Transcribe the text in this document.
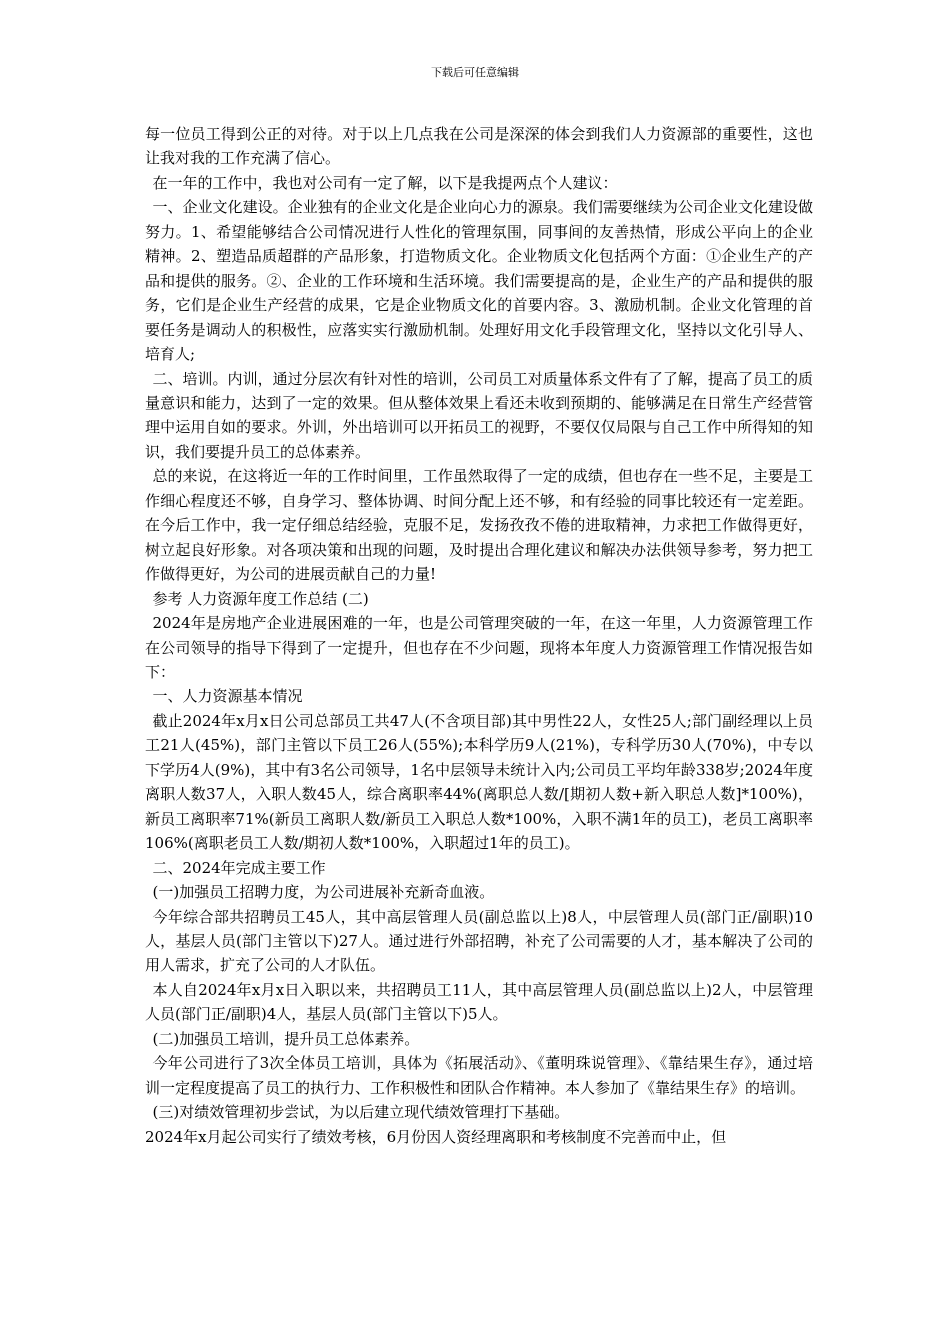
下载后可任意编辑

每一位员工得到公正的对待。对于以上几点我在公司是深深的体会到我们人力资源部的重要性，这也让我对我的工作充满了信心。

在一年的工作中，我也对公司有一定了解，以下是我提两点个人建议：

一、企业文化建设。企业独有的企业文化是企业向心力的源泉。我们需要继续为公司企业文化建设做努力。1、希望能够结合公司情况进行人性化的管理氛围，同事间的友善热情，形成公平向上的企业精神。2、塑造品质超群的产品形象，打造物质文化。企业物质文化包括两个方面：①企业生产的产品和提供的服务。②、企业的工作环境和生活环境。我们需要提高的是，企业生产的产品和提供的服务，它们是企业生产经营的成果，它是企业物质文化的首要内容。3、激励机制。企业文化管理的首要任务是调动人的积极性，应落实实行激励机制。处理好用文化手段管理文化，坚持以文化引导人、培育人;

二、培训。内训，通过分层次有针对性的培训，公司员工对质量体系文件有了了解，提高了员工的质量意识和能力，达到了一定的效果。但从整体效果上看还未收到预期的、能够满足在日常生产经营管理中运用自如的要求。外训，外出培训可以开拓员工的视野，不要仅仅局限与自己工作中所得知的知识，我们要提升员工的总体素养。

总的来说，在这将近一年的工作时间里，工作虽然取得了一定的成绩，但也存在一些不足，主要是工作细心程度还不够，自身学习、整体协调、时间分配上还不够，和有经验的同事比较还有一定差距。在今后工作中，我一定仔细总结经验，克服不足，发扬孜孜不倦的进取精神，力求把工作做得更好，树立起良好形象。对各项决策和出现的问题，及时提出合理化建议和解决办法供领导参考，努力把工作做得更好，为公司的进展贡献自己的力量!

参考 人力资源年度工作总结 (二)

2024年是房地产企业进展困难的一年，也是公司管理突破的一年，在这一年里，人力资源管理工作在公司领导的指导下得到了一定提升，但也存在不少问题，现将本年度人力资源管理工作情况报告如下：

一、人力资源基本情况

截止2024年x月x日公司总部员工共47人(不含项目部)其中男性22人，女性25人;部门副经理以上员工21人(45%)，部门主管以下员工26人(55%);本科学历9人(21%)，专科学历30人(70%)，中专以下学历4人(9%)，其中有3名公司领导，1名中层领导未统计入内;公司员工平均年龄338岁;2024年度离职人数37人，入职人数45人，综合离职率44%(离职总人数/[期初人数+新入职总人数]*100%)，新员工离职率71%(新员工离职人数/新员工入职总人数*100%，入职不满1年的员工)，老员工离职率106%(离职老员工人数/期初人数*100%，入职超过1年的员工)。

二、2024年完成主要工作

(一)加强员工招聘力度，为公司进展补充新奇血液。

今年综合部共招聘员工45人，其中高层管理人员(副总监以上)8人，中层管理人员(部门正/副职)10人，基层人员(部门主管以下)27人。通过进行外部招聘，补充了公司需要的人才，基本解决了公司的用人需求，扩充了公司的人才队伍。

本人自2024年x月x日入职以来，共招聘员工11人，其中高层管理人员(副总监以上)2人，中层管理人员(部门正/副职)4人，基层人员(部门主管以下)5人。

(二)加强员工培训，提升员工总体素养。

今年公司进行了3次全体员工培训，具体为《拓展活动》、《董明珠说管理》、《靠结果生存》，通过培训一定程度提高了员工的执行力、工作积极性和团队合作精神。本人参加了《靠结果生存》的培训。

(三)对绩效管理初步尝试，为以后建立现代绩效管理打下基础。

2024年x月起公司实行了绩效考核，6月份因人资经理离职和考核制度不完善而中止，但
